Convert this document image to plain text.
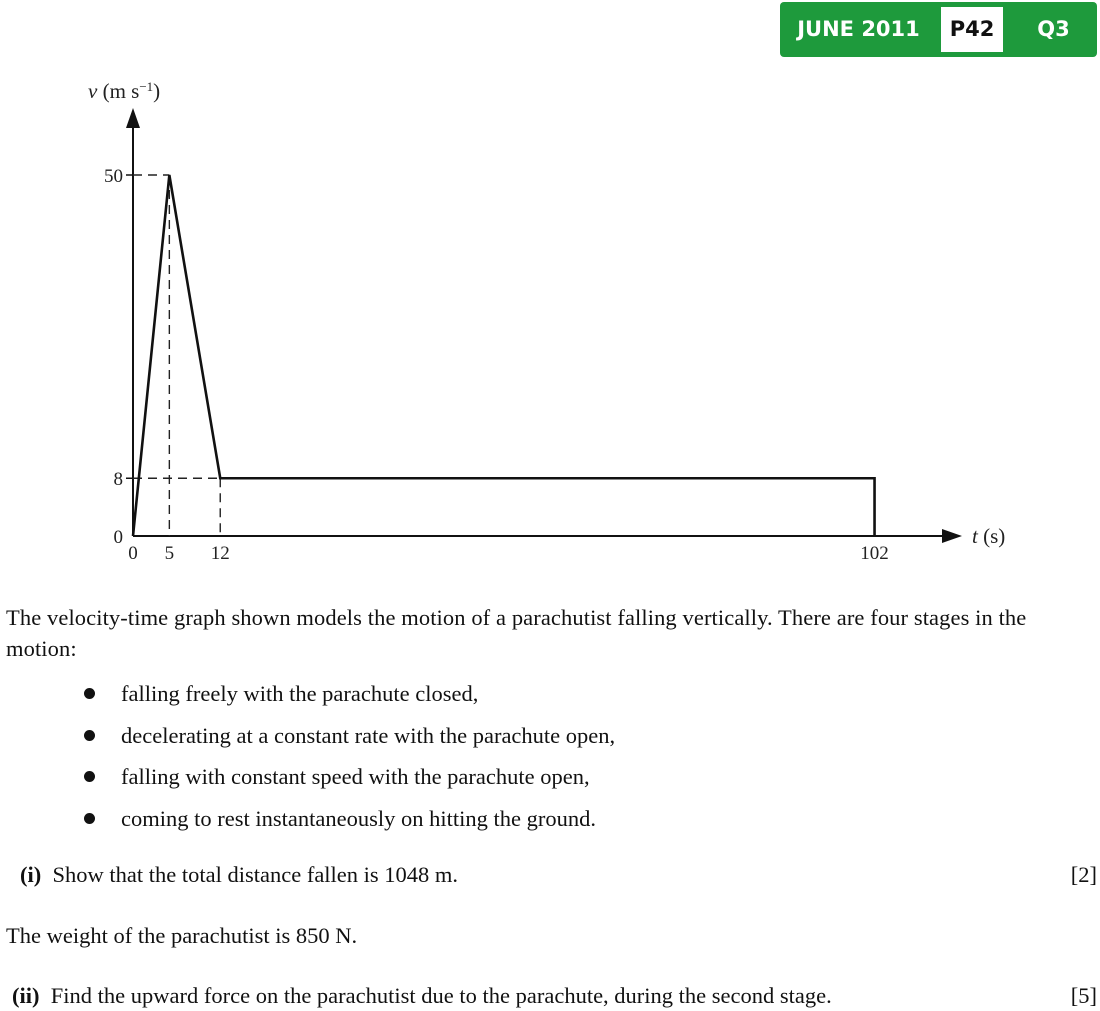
JUNE 2011	P42	Q3
v (m $s^{-1}$)
t (s)
0
8
50
0 5 12	102
The velocity-time graph shown models the motion of a parachutist falling vertically. There are four stages in the motion:
falling freely with the parachute closed,
decelerating at a constant rate with the parachute open,
falling with constant speed with the parachute open,
coming to rest instantaneously on hitting the ground.
(i) Show that the total distance fallen is 1048 m.	[2]
The weight of the parachutist is 850 N.
(ii) Find the upward force on the parachutist due to the parachute, during the second stage.	[5]
